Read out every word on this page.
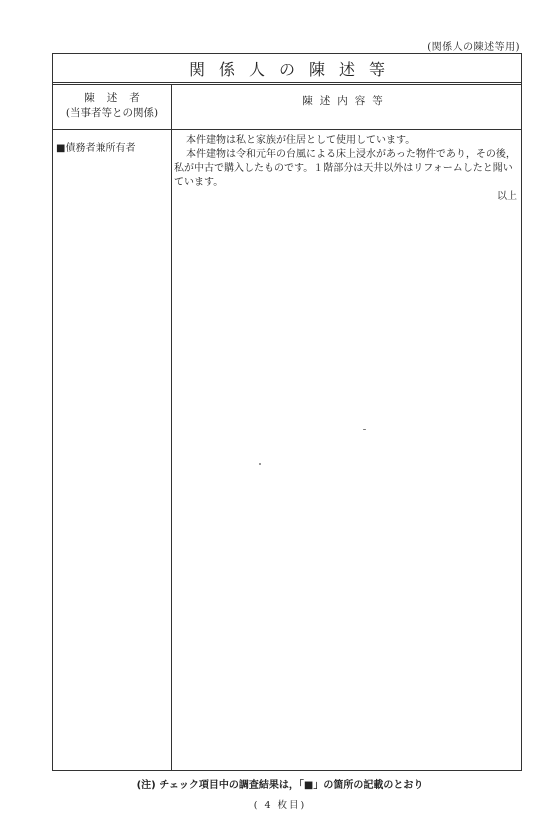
(関係人の陳述等用)
関係人の陳述等
陳述者
(当事者等との関係)
陳述内容等
■債務者兼所有者

本件建物は私と家族が住居として使用しています。

本件建物は令和元年の台風による床上浸水があった物件であり，その後，私が中古で購入したものです。１階部分は天井以外はリフォームしたと聞いています。

以上

(注) チェック項目中の調査結果は，「■」の箇所の記載のとおり
( 4 枚目)
